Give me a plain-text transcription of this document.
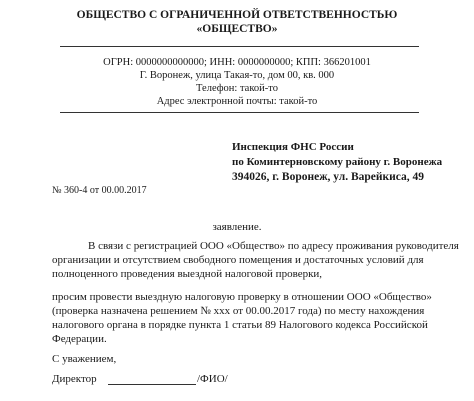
ОБЩЕСТВО С ОГРАНИЧЕННОЙ ОТВЕТСТВЕННОСТЬЮ
«ОБЩЕСТВО»
ОГРН: 0000000000000; ИНН: 0000000000; КПП: 366201001
Г. Воронеж, улица Такая-то, дом 00, кв. 000
Телефон: такой-то
Адрес электронной почты: такой-то
Инспекция ФНС России
по Коминтерновскому району г. Воронежа
394026, г. Воронеж, ул. Варейкиса, 49
№ 360-4 от 00.00.2017
заявление.
В связи с регистрацией ООО «Общество» по адресу проживания руководителя
организации и отсутствием свободного помещения и достаточных условий для
полноценного проведения выездной налоговой проверки,
просим провести выездную налоговую проверку в отношении ООО «Общество»
(проверка назначена решением № ххх от 00.00.2017 года) по месту нахождения
налогового органа в порядке пункта 1 статьи 89 Налогового кодекса Российской
Федерации.
С уважением,
Директор	/ФИО/
